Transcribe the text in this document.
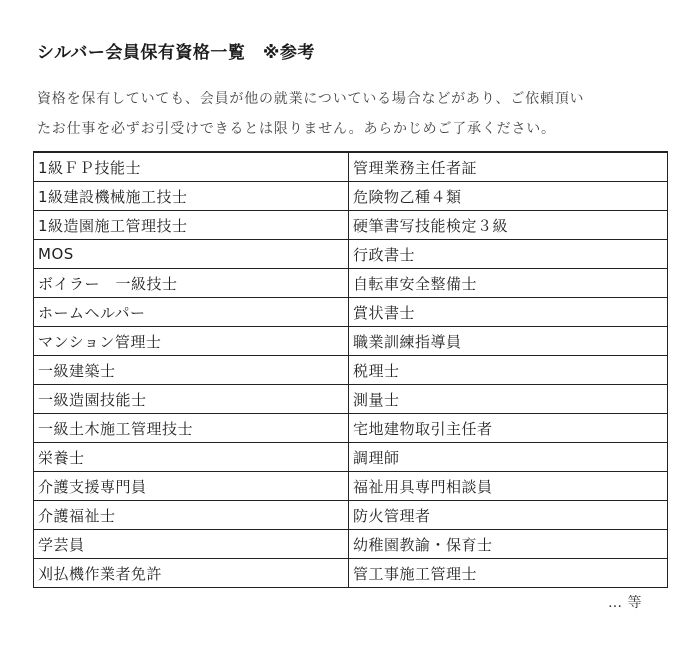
シルバー会員保有資格一覧　※参考

資格を保有していても、会員が他の就業についている場合などがあり、ご依頼頂い

たお仕事を必ずお引受けできるとは限りません。あらかじめご了承ください。

1級ＦＰ技能士	管理業務主任者証
1級建設機械施工技士	危険物乙種４類
1級造園施工管理技士	硬筆書写技能検定３級
MOS	行政書士
ボイラー　一級技士	自転車安全整備士
ホームヘルパー	賞状書士
マンション管理士	職業訓練指導員
一級建築士	税理士
一級造園技能士	測量士
一級土木施工管理技士	宅地建物取引主任者
栄養士	調理師
介護支援専門員	福祉用具専門相談員
介護福祉士	防火管理者
学芸員	幼稚園教諭・保育士
刈払機作業者免許	管工事施工管理士
… 等
